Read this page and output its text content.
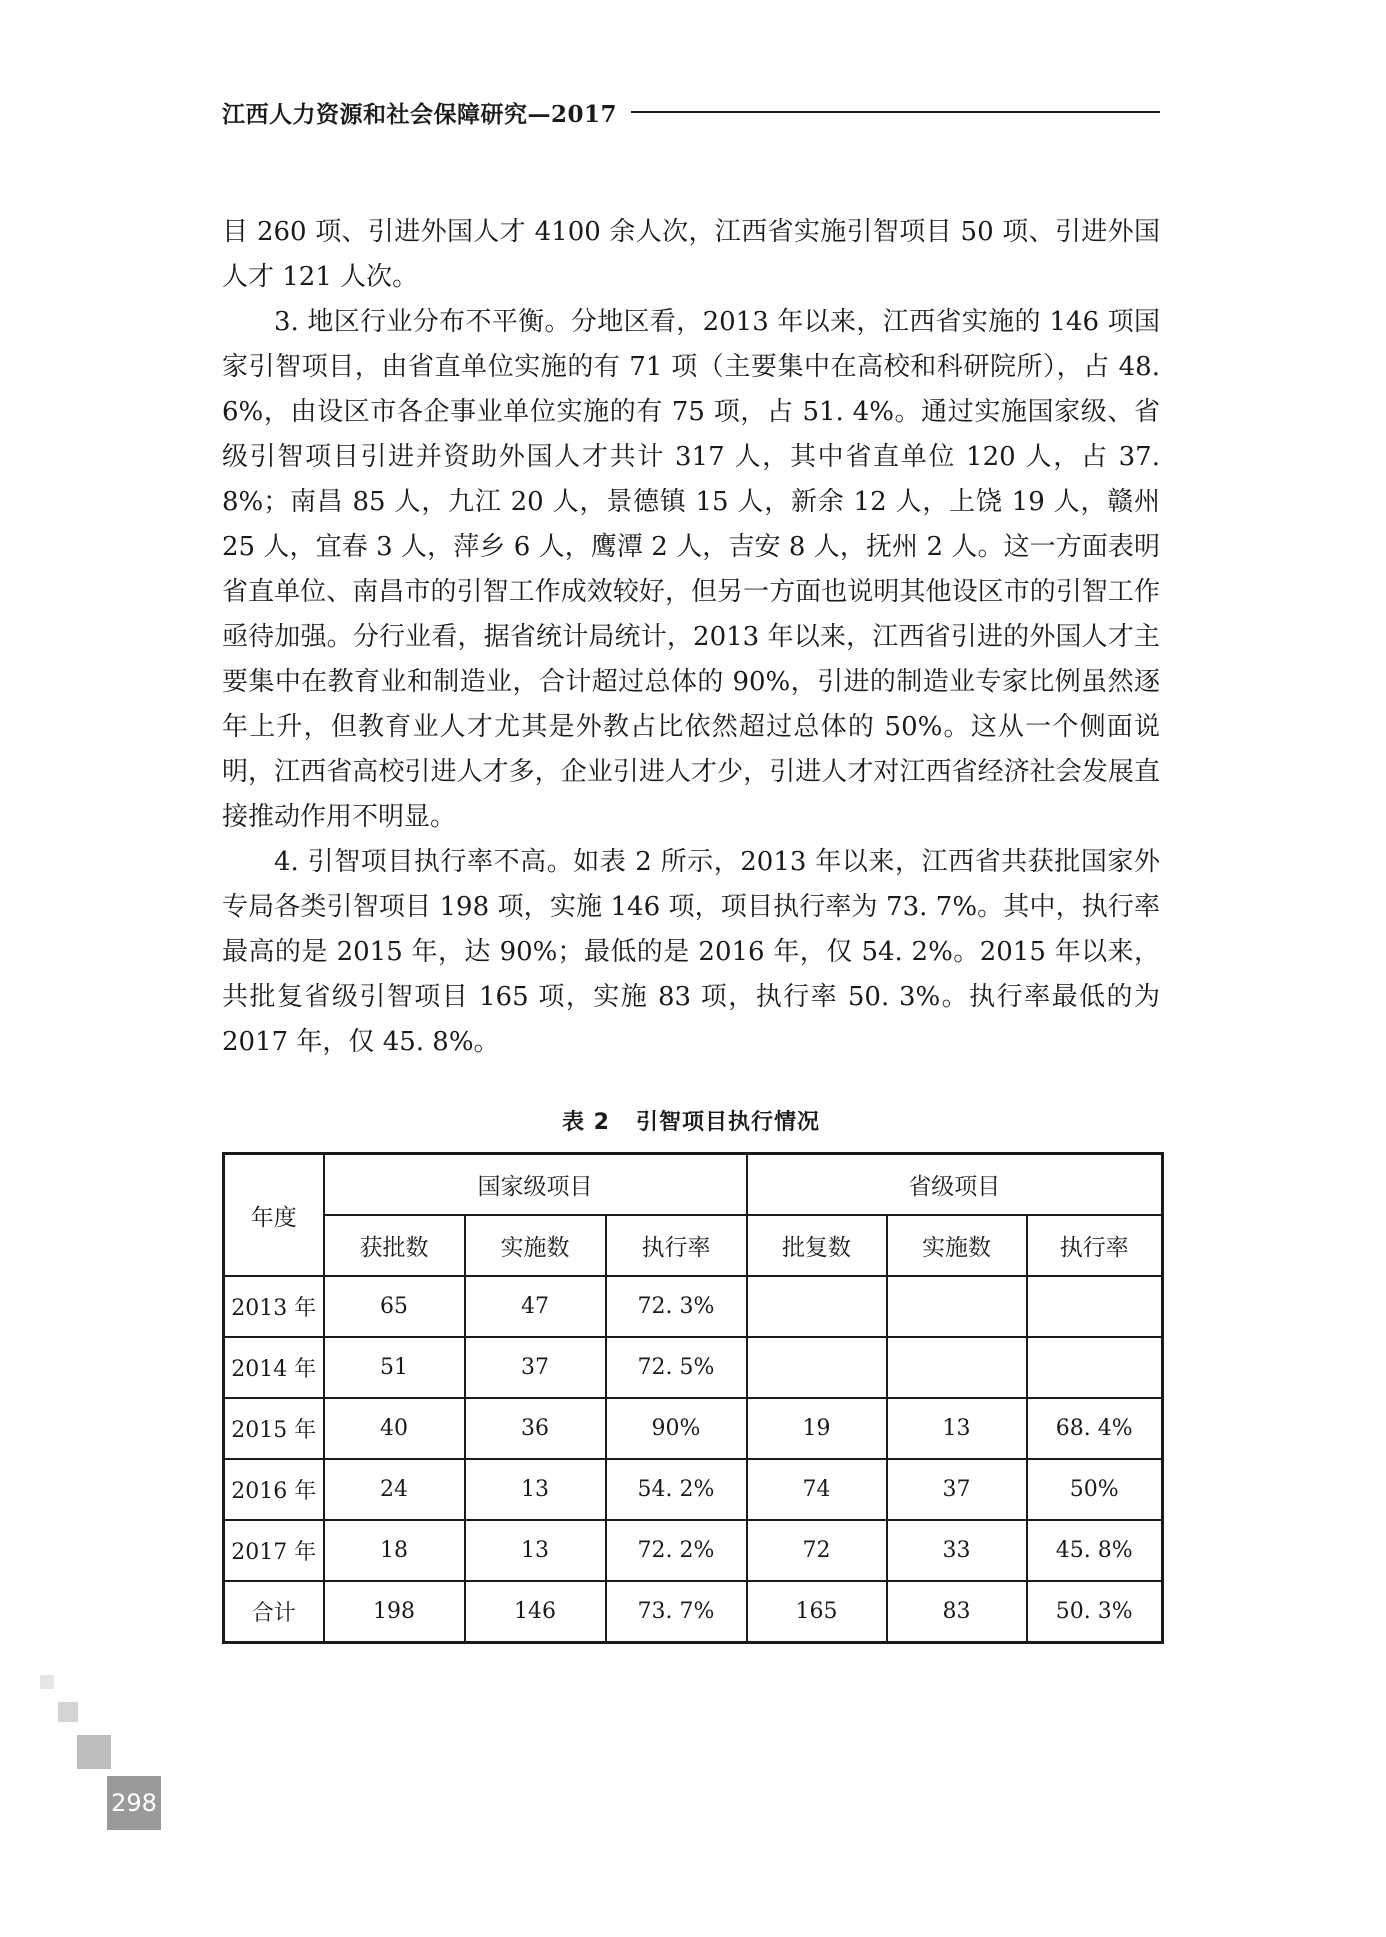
江西人力资源和社会保障研究—2017

目 260 项、引进外国人才 4100 余人次，江西省实施引智项目 50 项、引进外国人才 121 人次。

3. 地区行业分布不平衡。分地区看，2013 年以来，江西省实施的 146 项国家引智项目，由省直单位实施的有 71 项（主要集中在高校和科研院所），占 48. 6%，由设区市各企事业单位实施的有 75 项，占 51. 4%。通过实施国家级、省级引智项目引进并资助外国人才共计 317 人，其中省直单位 120 人，占 37. 8%；南昌 85 人，九江 20 人，景德镇 15 人，新余 12 人，上饶 19 人，赣州 25 人，宜春 3 人，萍乡 6 人，鹰潭 2 人，吉安 8 人，抚州 2 人。这一方面表明省直单位、南昌市的引智工作成效较好，但另一方面也说明其他设区市的引智工作亟待加强。分行业看，据省统计局统计，2013 年以来，江西省引进的外国人才主要集中在教育业和制造业，合计超过总体的 90%，引进的制造业专家比例虽然逐年上升，但教育业人才尤其是外教占比依然超过总体的 50%。这从一个侧面说明，江西省高校引进人才多，企业引进人才少，引进人才对江西省经济社会发展直接推动作用不明显。

4. 引智项目执行率不高。如表 2 所示，2013 年以来，江西省共获批国家外专局各类引智项目 198 项，实施 146 项，项目执行率为 73. 7%。其中，执行率最高的是 2015 年，达 90%；最低的是 2016 年，仅 54. 2%。2015 年以来，共批复省级引智项目 165 项，实施 83 项，执行率 50. 3%。执行率最低的为 2017 年，仅 45. 8%。

表 2 引智项目执行情况
年度	国家级项目			省级项目		
	获批数	实施数	执行率	批复数	实施数	执行率
2013 年	65	47	72. 3%			
2014 年	51	37	72. 5%			
2015 年	40	36	90%	19	13	68. 4%
2016 年	24	13	54. 2%	74	37	50%
2017 年	18	13	72. 2%	72	33	45. 8%
合计	198	146	73. 7%	165	83	50. 3%
298
